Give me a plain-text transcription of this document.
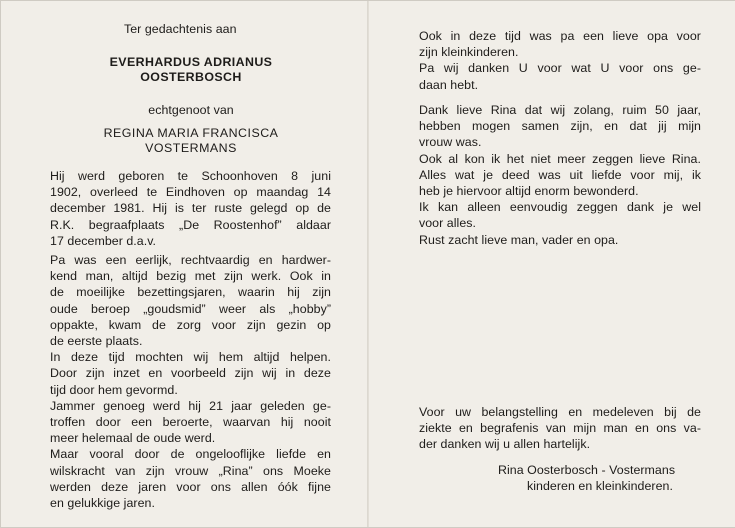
Ter gedachtenis aan
EVERHARDUS ADRIANUS
OOSTERBOSCH
echtgenoot van
REGINA MARIA FRANCISCA
VOSTERMANS
Hij werd geboren te Schoonhoven 8 juni
1902, overleed te Eindhoven op maandag 14
december 1981. Hij is ter ruste gelegd op de
R.K. begraafplaats „De Roostenhof” aldaar
17 december d.a.v.
Pa was een eerlijk, rechtvaardig en hardwer-
kend man, altijd bezig met zijn werk. Ook in
de moeilijke bezettingsjaren, waarin hij zijn
oude beroep „goudsmid” weer als „hobby”
oppakte, kwam de zorg voor zijn gezin op
de eerste plaats.
In deze tijd mochten wij hem altijd helpen.
Door zijn inzet en voorbeeld zijn wij in deze
tijd door hem gevormd.
Jammer genoeg werd hij 21 jaar geleden ge-
troffen door een beroerte, waarvan hij nooit
meer helemaal de oude werd.
Maar vooral door de ongelooflijke liefde en
wilskracht van zijn vrouw „Rina” ons Moeke
werden deze jaren voor ons allen óók fijne
en gelukkige jaren.
Ook in deze tijd was pa een lieve opa voor
zijn kleinkinderen.
Pa wij danken U voor wat U voor ons ge-
daan hebt.
Dank lieve Rina dat wij zolang, ruim 50 jaar,
hebben mogen samen zijn, en dat jij mijn
vrouw was.
Ook al kon ik het niet meer zeggen lieve Rina.
Alles wat je deed was uit liefde voor mij, ik
heb je hiervoor altijd enorm bewonderd.
Ik kan alleen eenvoudig zeggen dank je wel
voor alles.
Rust zacht lieve man, vader en opa.
Voor uw belangstelling en medeleven bij de
ziekte en begrafenis van mijn man en ons va-
der danken wij u allen hartelijk.
Rina Oosterbosch - Vostermans
kinderen en kleinkinderen.
